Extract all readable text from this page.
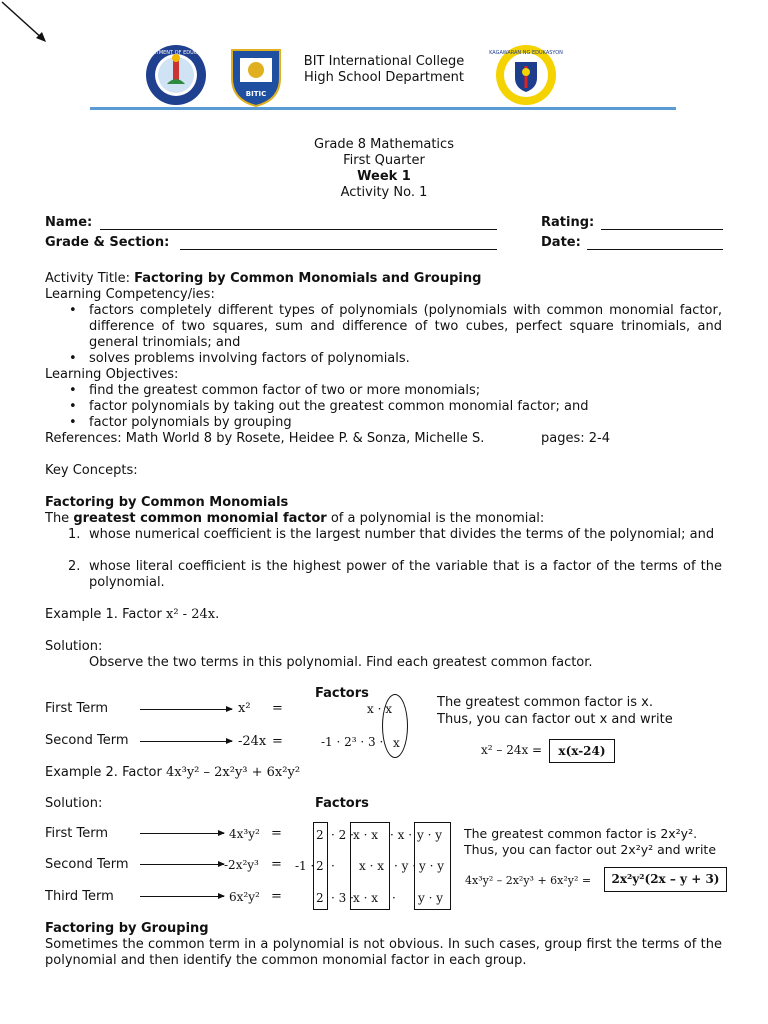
DEPARTMENT OF EDUCATION
BITIC
KAGAWARAN NG EDUKASYON
BIT International College
High School Department
Grade 8 Mathematics
First Quarter
Week 1
Activity No. 1
Name:	Rating:
Grade & Section:	Date:
Activity Title: Factoring by Common Monomials and Grouping
Learning Competency/ies:
• factors completely different types of polynomials (polynomials with common monomial factor, difference of two squares, sum and difference of two cubes, perfect square trinomials, and general trinomials; and
• solves problems involving factors of polynomials.
Learning Objectives:
• find the greatest common factor of two or more monomials;
• factor polynomials by taking out the greatest common monomial factor; and
• factor polynomials by grouping
References: Math World 8 by Rosete, Heidee P. & Sonza, Michelle S.	pages: 2-4
Key Concepts:
Factoring by Common Monomials
The greatest common monomial factor of a polynomial is the monomial:
1. whose numerical coefficient is the largest number that divides the terms of the polynomial; and
2. whose literal coefficient is the highest power of the variable that is a factor of the terms of the polynomial.
Example 1. Factor x² - 24x.
Solution:
Observe the two terms in this polynomial. Find each greatest common factor.
Factors
First Term	x² =	x · x
Second Term	-24x =	-1 · 2³ · 3 · x
The greatest common factor is x. Thus, you can factor out x and write
x² – 24x =	x(x-24)
Example 2. Factor 4x³y² – 2x²y³ + 6x²y²
Solution:	Factors
First Term	4x³y² =	2 · 2 · x · x · x · y · y
Second Term	-2x²y³ = -1 · 2 · x · x · y · y · y
Third Term	6x²y² =	2 · 3 · x · x · y · y
The greatest common factor is 2x²y².
Thus, you can factor out 2x²y² and write
4x³y² – 2x²y³ + 6x²y² =	2x²y²(2x – y + 3)
Factoring by Grouping
Sometimes the common term in a polynomial is not obvious. In such cases, group first the terms of the polynomial and then identify the common monomial factor in each group.
